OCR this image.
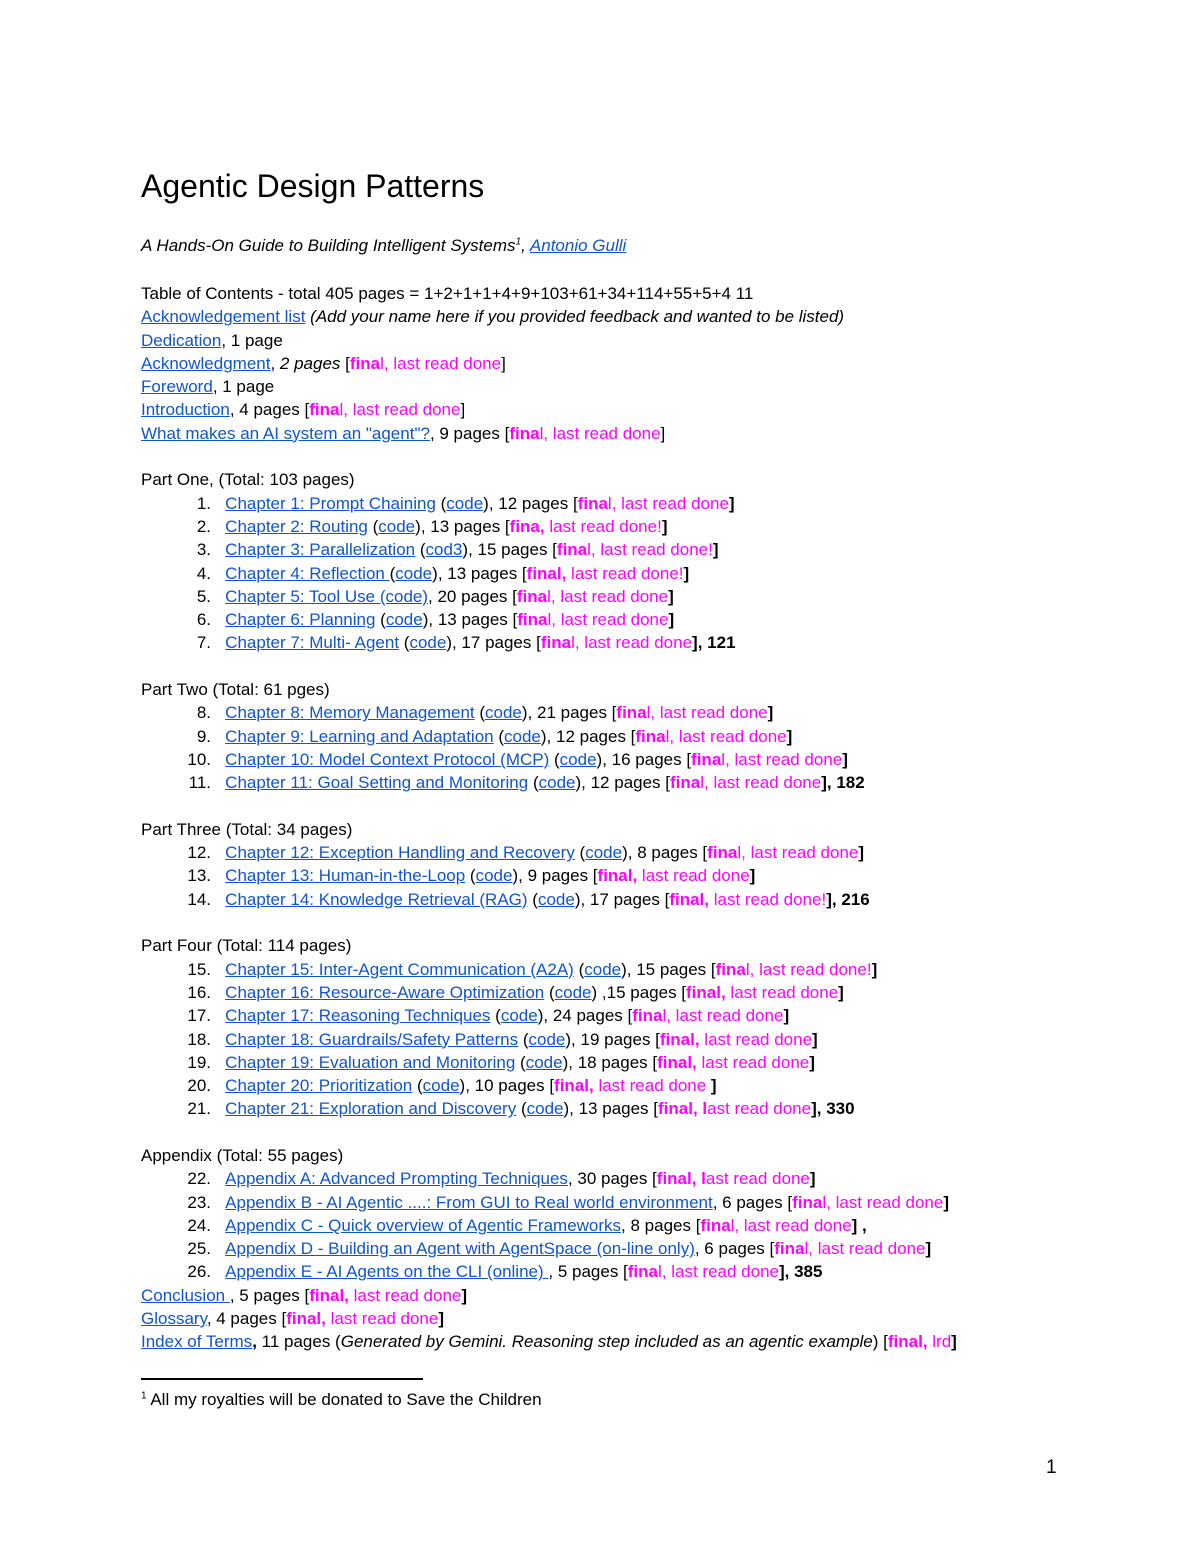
Agentic Design Patterns
A Hands-On Guide to Building Intelligent Systems$^1$, Antonio Gulli
Table of Contents - total 405 pages = 1+2+1+1+4+9+103+61+34+114+55+5+4 11
Acknowledgement list (Add your name here if you provided feedback and wanted to be listed)
Dedication, 1 page
Acknowledgment, 2 pages [final, last read done]
Foreword, 1 page
Introduction, 4 pages [final, last read done]
What makes an AI system an "agent"?, 9 pages [final, last read done]
Part One, (Total: 103 pages)
1. Chapter 1: Prompt Chaining (code), 12 pages [final, last read done]
2. Chapter 2: Routing (code), 13 pages [fina, last read done!]
3. Chapter 3: Parallelization (cod3), 15 pages [final, last read done!]
4. Chapter 4: Reflection (code), 13 pages [final, last read done!]
5. Chapter 5: Tool Use (code), 20 pages [final, last read done]
6. Chapter 6: Planning (code), 13 pages [final, last read done]
7. Chapter 7: Multi- Agent (code), 17 pages [final, last read done], 121
Part Two (Total: 61 pges)
8. Chapter 8: Memory Management (code), 21 pages [final, last read done]
9. Chapter 9: Learning and Adaptation (code), 12 pages [final, last read done]
10. Chapter 10: Model Context Protocol (MCP) (code), 16 pages [final, last read done]
11. Chapter 11: Goal Setting and Monitoring (code), 12 pages [final, last read done], 182
Part Three (Total: 34 pages)
12. Chapter 12: Exception Handling and Recovery (code), 8 pages [final, last read done]
13. Chapter 13: Human-in-the-Loop (code), 9 pages [final, last read done]
14. Chapter 14: Knowledge Retrieval (RAG) (code), 17 pages [final, last read done!], 216
Part Four (Total: 114 pages)
15. Chapter 15: Inter-Agent Communication (A2A) (code), 15 pages [final, last read done!]
16. Chapter 16: Resource-Aware Optimization (code) ,15 pages [final, last read done]
17. Chapter 17: Reasoning Techniques (code), 24 pages [final, last read done]
18. Chapter 18: Guardrails/Safety Patterns (code), 19 pages [final, last read done]
19. Chapter 19: Evaluation and Monitoring (code), 18 pages [final, last read done]
20. Chapter 20: Prioritization (code), 10 pages [final, last read done ]
21. Chapter 21: Exploration and Discovery (code), 13 pages [final, last read done], 330
Appendix (Total: 55 pages)
22. Appendix A: Advanced Prompting Techniques, 30 pages [final, last read done]
23. Appendix B - AI Agentic ....: From GUI to Real world environment, 6 pages [final, last read done]
24. Appendix C - Quick overview of Agentic Frameworks, 8 pages [final, last read done] ,
25. Appendix D - Building an Agent with AgentSpace (on-line only), 6 pages [final, last read done]
26. Appendix E - AI Agents on the CLI (online) , 5 pages [final, last read done], 385
Conclusion , 5 pages [final, last read done]
Glossary, 4 pages [final, last read done]
Index of Terms, 11 pages (Generated by Gemini. Reasoning step included as an agentic example) [final, lrd]
$^1$ All my royalties will be donated to Save the Children
1
